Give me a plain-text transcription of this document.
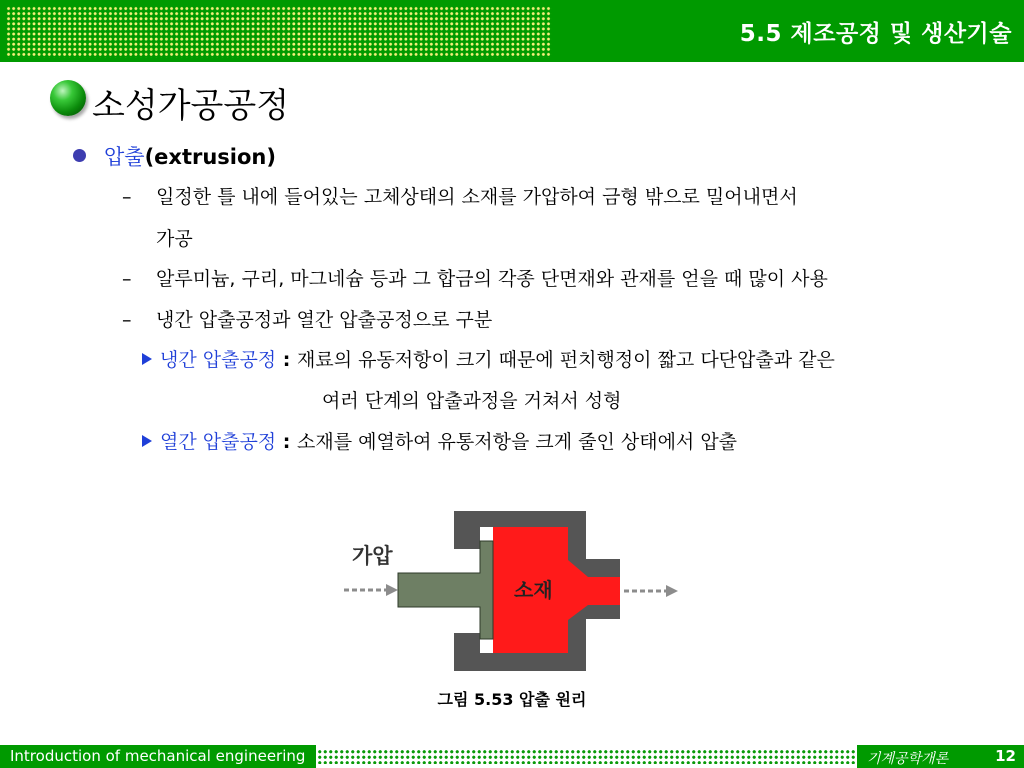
5.5 제조공정 및 생산기술
소성가공공정
압출(extrusion)
– 일정한 틀 내에 들어있는 고체상태의 소재를 가압하여 금형 밖으로 밀어내면서
가공
– 알루미늄, 구리, 마그네슘 등과 그 합금의 각종 단면재와 관재를 얻을 때 많이 사용
– 냉간 압출공정과 열간 압출공정으로 구분
냉간 압출공정 : 재료의 유동저항이 크기 때문에 펀치행정이 짧고 다단압출과 같은
여러 단계의 압출과정을 거쳐서 성형
열간 압출공정 : 소재를 예열하여 유통저항을 크게 줄인 상태에서 압출
가압
소재
그림 5.53 압출 원리
Introduction of mechanical engineering	기계공학개론	12
